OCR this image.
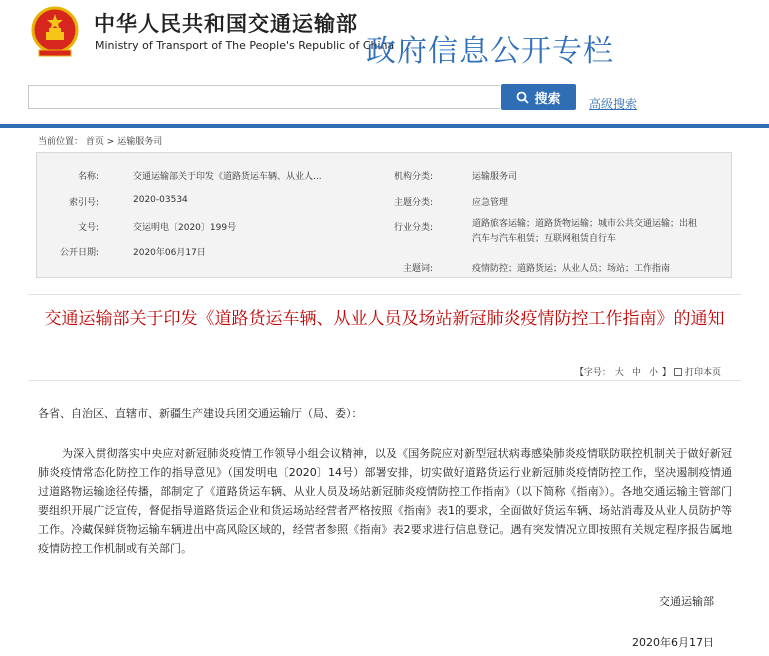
中华人民共和国交通运输部
Ministry of Transport of The People's Republic of China
政府信息公开专栏
搜索 高级搜索
当前位置： 首页 > 运输服务司
名称:	交通运输部关于印发《道路货运车辆、从业人...	机构分类:	运输服务司
索引号:	2020-03534	主题分类:	应急管理
文号:	交运明电〔2020〕199号	行业分类:	道路旅客运输；道路货物运输；城市公共交通运输；出租汽车与汽车租赁；互联网租赁自行车
公开日期:	2020年06月17日
主题词:	疫情防控；道路货运；从业人员；场站；工作指南
交通运输部关于印发《道路货运车辆、从业人员及场站新冠肺炎疫情防控工作指南》的通知
【字号： 大 中 小 】 打印本页
各省、自治区、直辖市、新疆生产建设兵团交通运输厅（局、委）：
为深入贯彻落实中央应对新冠肺炎疫情工作领导小组会议精神，以及《国务院应对新型冠状病毒感染肺炎疫情联防联控机制关于做好新冠肺炎疫情常态化防控工作的指导意见》（国发明电〔2020〕14号）部署安排，切实做好道路货运行业新冠肺炎疫情防控工作，坚决遏制疫情通过道路物运输途径传播，部制定了《道路货运车辆、从业人员及场站新冠肺炎疫情防控工作指南》（以下简称《指南》）。各地交通运输主管部门要组织开展广泛宣传，督促指导道路货运企业和货运场站经营者严格按照《指南》表1的要求，全面做好货运车辆、场站消毒及从业人员防护等工作。冷藏保鲜货物运输车辆进出中高风险区域的，经营者参照《指南》表2要求进行信息登记。遇有突发情况立即按照有关规定程序报告属地疫情防控工作机制或有关部门。
交通运输部
2020年6月17日
